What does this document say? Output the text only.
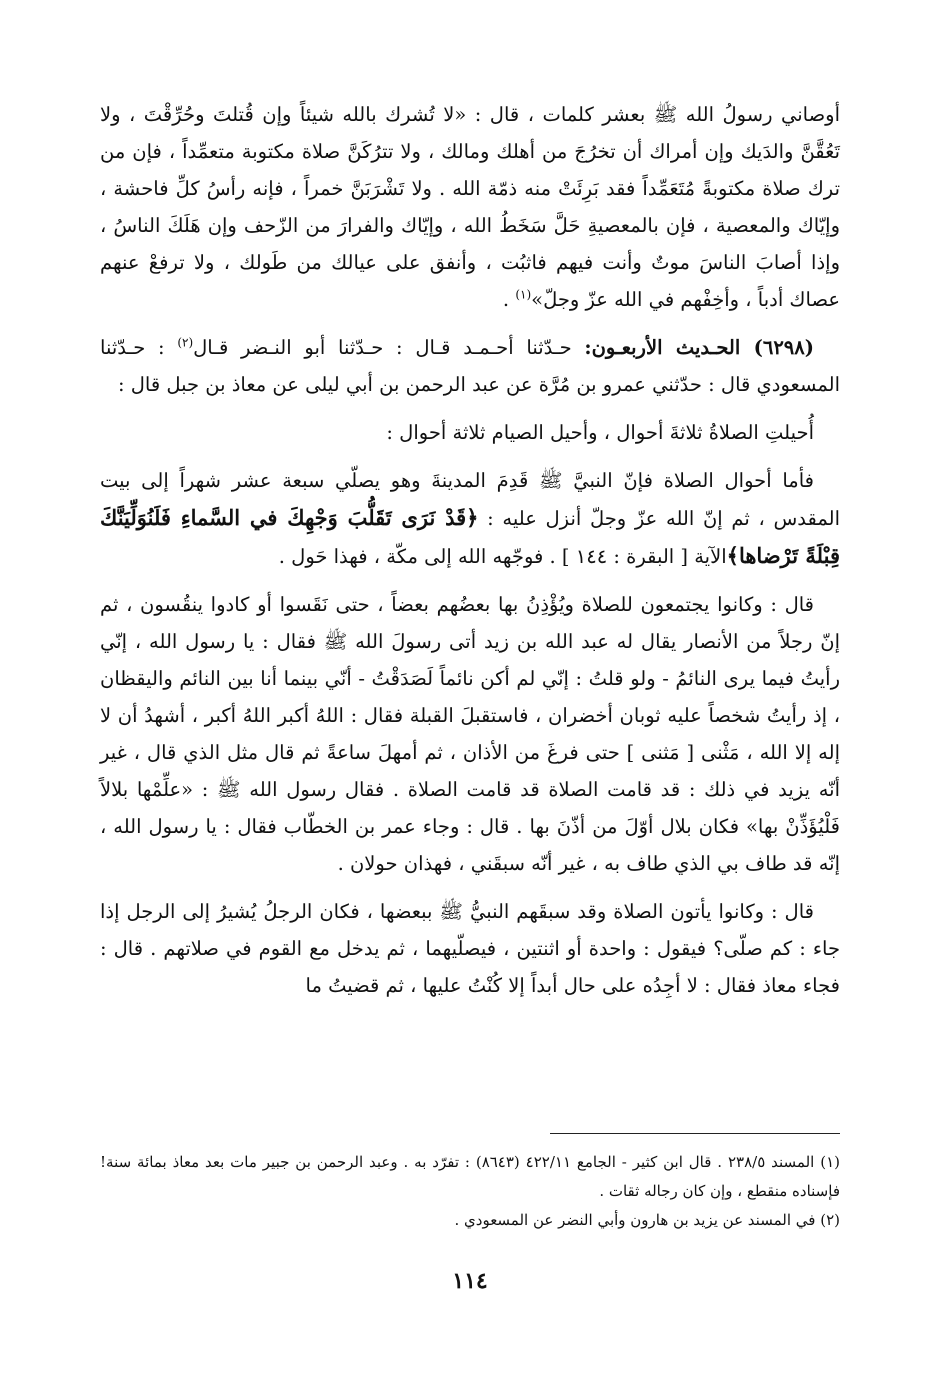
أوصاني رسولُ الله ﷺ بعشر كلمات ، قال : «لا تُشرك بالله شيئاً وإن قُتلتَ وحُرِّقْتَ ، ولا تَعُقَّنَّ والدَيك وإن أمراك أن تخرُجَ من أهلك ومالك ، ولا تترُكَنَّ صلاة مكتوبة متعمِّداً ، فإن من ترك صلاة مكتوبةً مُتَعَمِّداً فقد بَرِئَتْ منه ذمّة الله . ولا تَشْرَبَنَّ خمراً ، فإنه رأسُ كلِّ فاحشة ، وإيّاك والمعصية ، فإن بالمعصيةِ حَلَّ سَخَطُ الله ، وإيّاك والفرارَ من الزّحف وإن هَلَكَ الناسُ ، وإذا أصابَ الناسَ موتٌ وأنت فيهم فاثبُت ، وأنفق على عيالك من طَولك ، ولا ترفعْ عنهم عصاك أدباً ، وأخِفْهم في الله عزّ وجلّ»$^{(١)}$ .

(٦٢٩٨) الحـديث الأربعـون: حـدّثنا أحـمـد قـال : حـدّثنا أبو النـضر قـال$^{(٢)}$ : حـدّثنا المسعودي قال : حدّثني عمرو بن مُرَّة عن عبد الرحمن بن أبي ليلى عن معاذ بن جبل قال :

أُحيلتِ الصلاةُ ثلاثةَ أحوال ، وأحيل الصيام ثلاثة أحوال :

فأما أحوال الصلاة فإنّ النبيَّ ﷺ قَدِمَ المدينةَ وهو يصلّي سبعة عشر شهراً إلى بيت المقدس ، ثم إنّ الله عزّ وجلّ أنزل عليه : ﴿قَدْ نَرَى تَقَلُّبَ وَجْهِكَ في السَّماءِ فَلَنُوَلِّيَنَّكَ قِبْلَةً تَرْضاها﴾الآية [ البقرة : ١٤٤ ] . فوجّهه الله إلى مكّة ، فهذا حَول .

قال : وكانوا يجتمعون للصلاة ويُؤْذِنُ بها بعضُهم بعضاً ، حتى نَقَسوا أو كادوا ينقُسون ، ثم إنّ رجلاً من الأنصار يقال له عبد الله بن زيد أتى رسولَ الله ﷺ فقال : يا رسول الله ، إنّي رأيتُ فيما يرى النائمُ - ولو قلتُ : إنّي لم أكن نائماً لَصَدَقْتُ - أنّي بينما أنا بين النائم واليقظان ، إذ رأيتُ شخصاً عليه ثوبان أخضران ، فاستقبلَ القبلة فقال : اللهُ أكبر اللهُ أكبر ، أشهدُ أن لا إله إلا الله ، مَثْنى [ مَثنى ] حتى فرغَ من الأذان ، ثم أمهلَ ساعةً ثم قال مثل الذي قال ، غير أنّه يزيد في ذلك : قد قامت الصلاة قد قامت الصلاة . فقال رسول الله ﷺ : «علِّمْها بلالاً فَلْيُؤَذِّنْ بها» فكان بلال أوّلَ من أذّنَ بها . قال : وجاء عمر بن الخطّاب فقال : يا رسول الله ، إنّه قد طاف بي الذي طاف به ، غير أنّه سبقَني ، فهذان حولان .

قال : وكانوا يأتون الصلاة وقد سبقَهم النبيُّ ﷺ ببعضها ، فكان الرجلُ يُشيرُ إلى الرجل إذا جاء : كم صلّى؟ فيقول : واحدة أو اثنتين ، فيصلّيهما ، ثم يدخل مع القوم في صلاتهم . قال : فجاء معاذ فقال : لا أجِدُه على حال أبداً إلا كُنْتُ عليها ، ثم قضيتُ ما

(١) المسند ٢٣٨/٥ . قال ابن كثير - الجامع ٤٢٢/١١ (٨٦٤٣) : تفرّد به . وعبد الرحمن بن جبير مات بعد معاذ بمائة سنة! فإسناده منقطع ، وإن كان رجاله ثقات .

(٢) في المسند عن يزيد بن هارون وأبي النضر عن المسعودي .

١١٤
